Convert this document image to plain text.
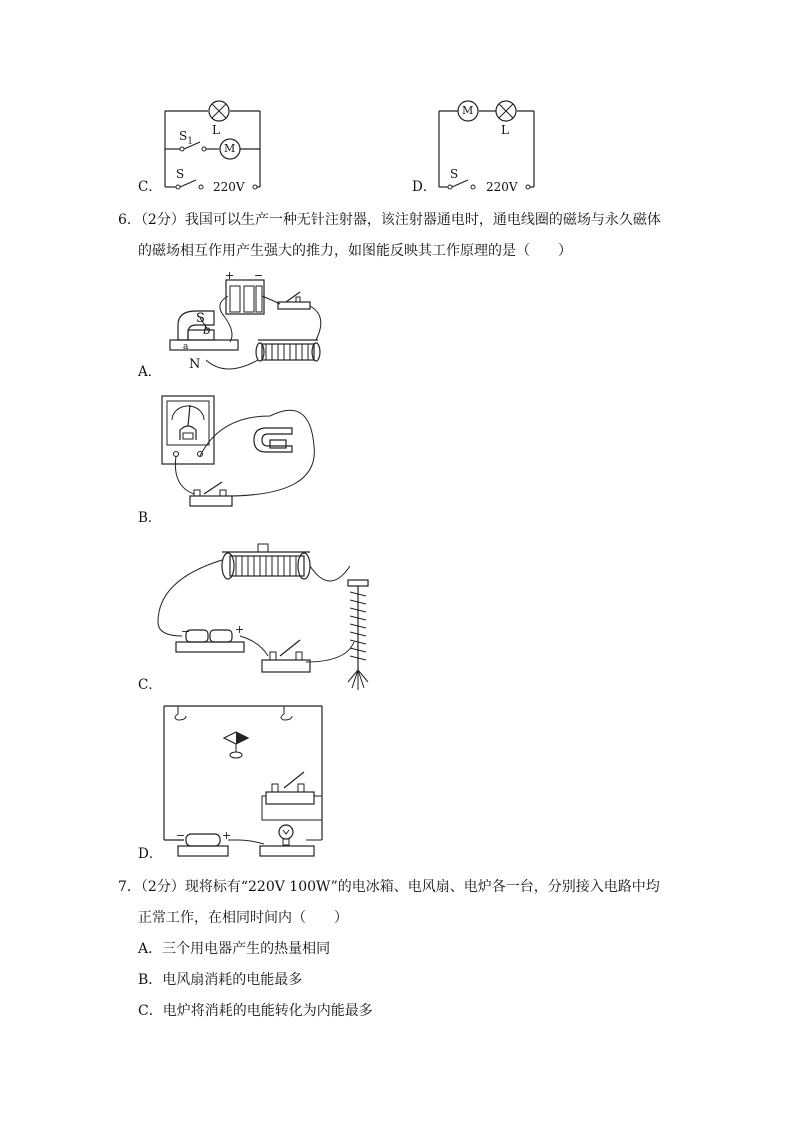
C．
L
$S_1$
M
S
220V	D．
M
L
S
220V
6．（2分）我国可以生产一种无针注射器，该注射器通电时，通电线圈的磁场与永久磁体
的磁场相互作用产生强大的推力，如图能反映其工作原理的是（　　）
A．
+ −
S
b
a
N
B．
C．
−	+
D．
−	+
7．（2分）现将标有“220V 100W”的电冰箱、电风扇、电炉各一台，分别接入电路中均
正常工作，在相同时间内（　　）
A．三个用电器产生的热量相同
B．电风扇消耗的电能最多
C．电炉将消耗的电能转化为内能最多
